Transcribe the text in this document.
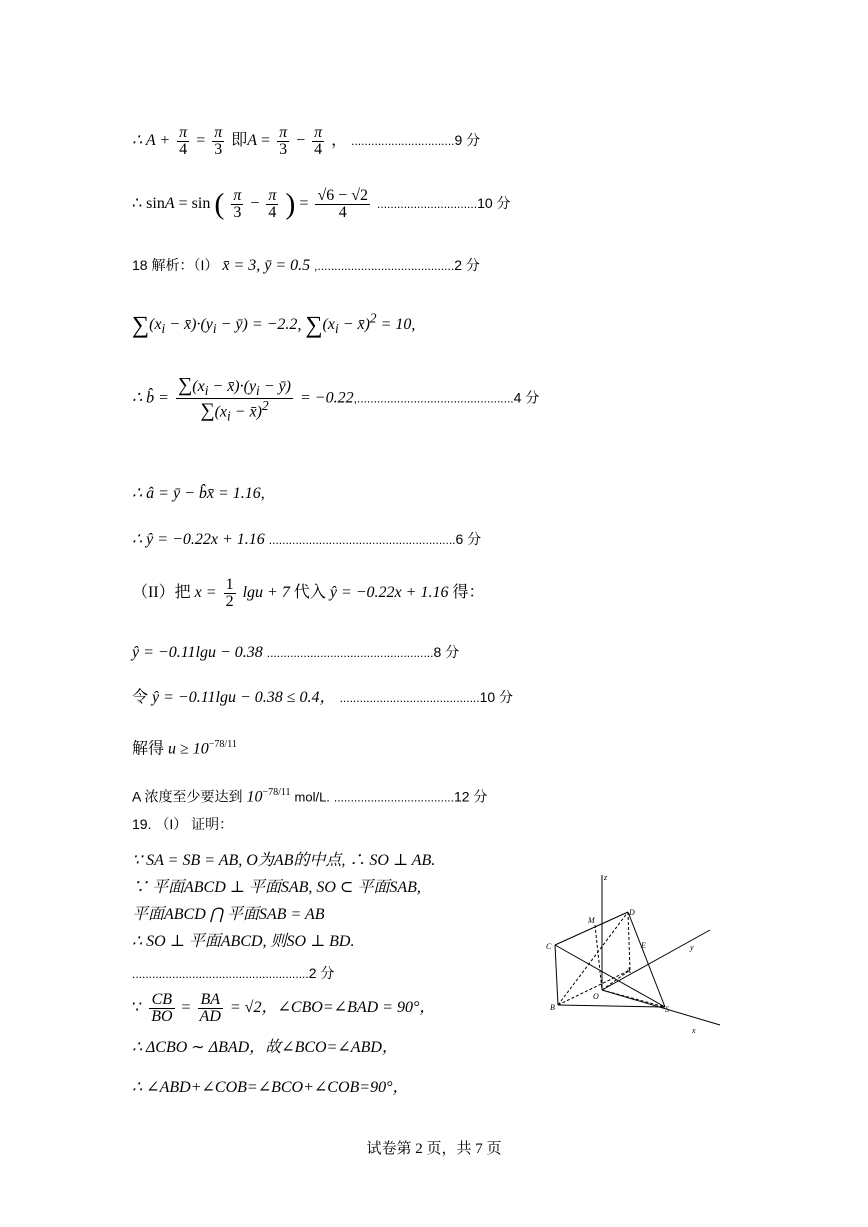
∴ $A + \frac{\pi}{4} = \frac{\pi}{3}$ 即$A = \frac{\pi}{3} - \frac{\pi}{4}$ ， ...............................9 分
∴ sinA = sin ( $\frac{\pi}{3} - \frac{\pi}{4}$ ) = $\frac{√6 - √2}{4} ..............................10$ 分
18 解析：（I） x̄ = 3, ȳ = 0.5 ,.........................................2 分
$\sum(x_i$ − $x̄)\cdot(y_i$ − ȳ) = −2.2, $\sum(x_i$ − x̄)$^2$ = 10,
∴ b̂ = $\frac{\sum(x_i - x̄)\cdot(y_i - ȳ)}{\sum(x_i - x̄)^2} = -0.22,...............................................4$ 分
∴ â = ȳ − b̂x̄ = 1.16,
∴ ŷ = −0.22x + 1.16 ........................................................6 分
（II）把 $x = \frac{1}{2}$ lgu + 7 代入 ŷ = −0.22x + 1.16 得：
ŷ = −0.11lgu − 0.38 ..................................................8 分
令 ŷ = −0.11lgu − 0.38 ≤ 0.4， ..........................................10 分
解得 $u \ge 10^{-78/11}$
A 浓度至少要达到 $10^{-78/11}$ mol/L. ....................................12 分
19. （I） 证明：
∵ SA = SB = AB, O为AB的中点, ∴ SO ⊥ AB.
∵ 平面ABCD ⊥ 平面SAB, SO ⊂ 平面SAB,
平面ABCD ⋂ 平面SAB = AB
∴ SO ⊥ 平面ABCD, 则SO ⊥ BD.
.....................................................2 分
∵ $\frac{CB}{BO} = \frac{BA}{AD} = √2$，∠CBO=∠BAD = 90°，
∴ ΔCBO ∼ ΔBAD，故∠BCO=∠ABD，
∴ ∠ABD+∠COB=∠BCO+∠COB=90°，
z
y
x
C
B
D
E
A
O
S
M
试卷第 2 页，共 7 页
